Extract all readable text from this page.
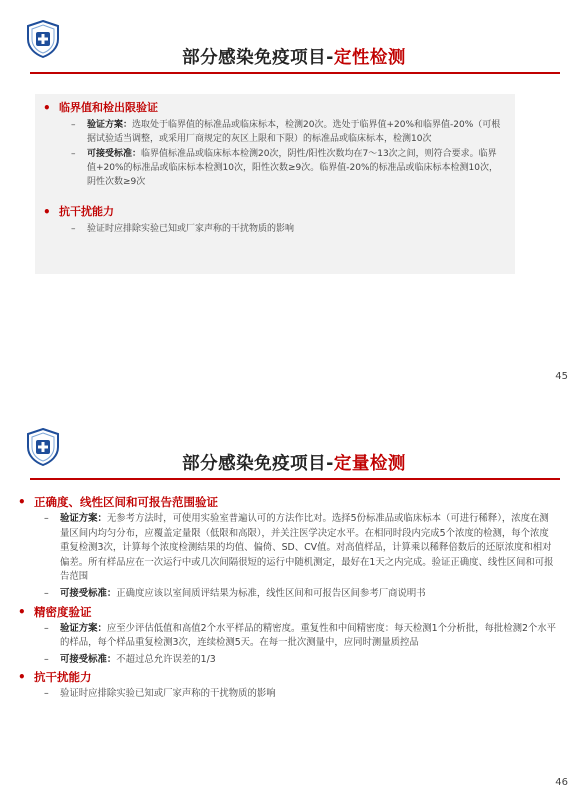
部分感染免疫项目-定性检测
• 临界值和检出限验证
–	验证方案：选取处于临界值的标准品或临床标本，检测20次。选处于临界值+20%和临界值-20%（可根据试验适当调整，或采用厂商规定的灰区上限和下限）的标准品或临床标本，检测10次
–	可接受标准：临界值标准品或临床标本检测20次，阴性/阳性次数均在7～13次之间，则符合要求。临界值+20%的标准品或临床标本检测10次，阳性次数≥9次。临界值-20%的标准品或临床标本检测10次，阴性次数≥9次
• 抗干扰能力
–	验证时应排除实验已知或厂家声称的干扰物质的影响
45
部分感染免疫项目-定量检测
• 正确度、线性区间和可报告范围验证
–	验证方案：无参考方法时，可使用实验室普遍认可的方法作比对。选择5份标准品或临床标本（可进行稀释），浓度在测量区间内均匀分布，应覆盖定量限（低限和高限），并关注医学决定水平。在相同时段内完成5个浓度的检测，每个浓度重复检测3次，计算每个浓度检测结果的均值、偏倚、SD、CV值。对高值样品，计算乘以稀释倍数后的还原浓度和相对偏差。所有样品应在一次运行中或几次间隔很短的运行中随机测定，最好在1天之内完成。验证正确度、线性区间和可报告范围
–	可接受标准：正确度应该以室间质评结果为标准，线性区间和可报告区间参考厂商说明书
• 精密度验证
–	验证方案：应至少评估低值和高值2个水平样品的精密度。重复性和中间精密度：每天检测1个分析批，每批检测2个水平的样品，每个样品重复检测3次，连续检测5天。在每一批次测量中，应同时测量质控品
–	可接受标准：不超过总允许误差的1/3
• 抗干扰能力
–	验证时应排除实验已知或厂家声称的干扰物质的影响
46
